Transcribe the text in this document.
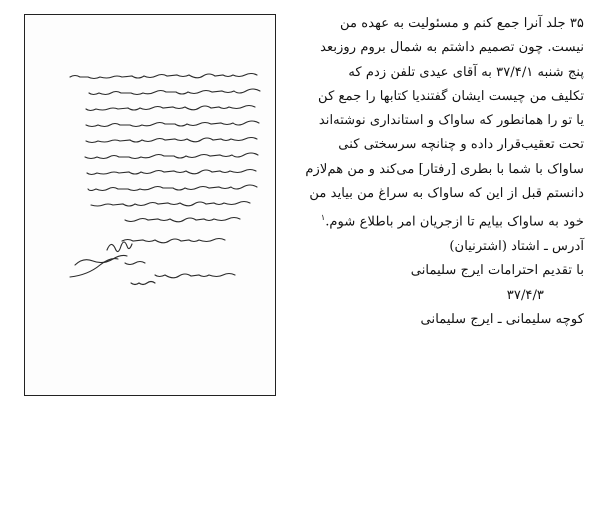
۳۵ جلد آنرا جمع کنم و مسئولیت به عهده من
نیست. چون تصمیم داشتم به شمال بروم روزبعد
پنج شنبه ۳۷/۴/۱ به آقای عیدی تلفن زدم که
تکلیف من چیست ایشان گفتندیا کتابها را جمع کن
یا تو را همانطور که ساواک و استانداری نوشته‌اند
تحت تعقیب‌قرار داده و چنانچه سرسختی کنی
ساواک با شما با بطری [رفتار] می‌کند و من هم‌لازم
دانستم قبل از این که ساواک به سراغ من بیاید من
خود به ساواک بیایم تا ازجریان امر باطلاع شوم.$^۱$
آدرس ـ اشتاد (اشترنیان)
با تقدیم احترامات ایرج سلیمانی
۳۷/۴/۳
کوچه سلیمانی ـ ایرج سلیمانی
